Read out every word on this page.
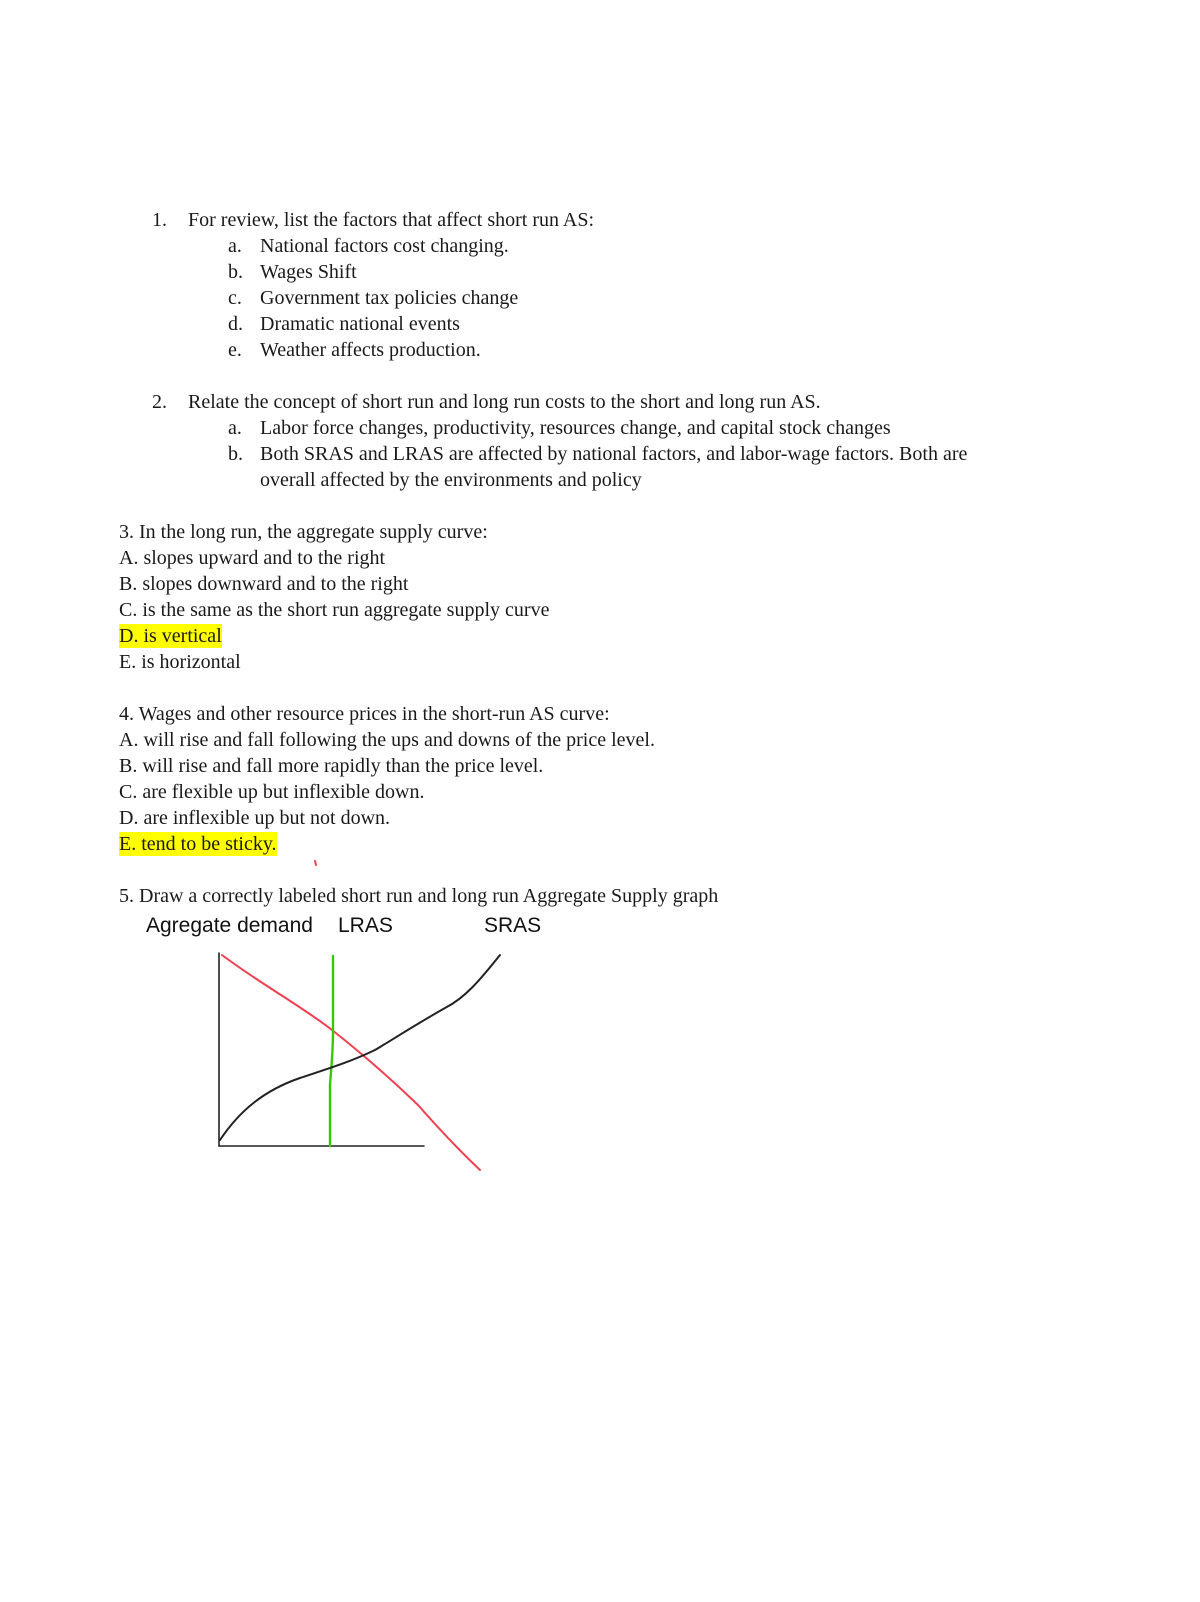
1. For review, list the factors that affect short run AS:
a. National factors cost changing.
b. Wages Shift
c. Government tax policies change
d. Dramatic national events
e. Weather affects production.
2. Relate the concept of short run and long run costs to the short and long run AS.
a. Labor force changes, productivity, resources change, and capital stock changes
b. Both SRAS and LRAS are affected by national factors, and labor-wage factors. Both are
overall affected by the environments and policy
3. In the long run, the aggregate supply curve:
A. slopes upward and to the right
B. slopes downward and to the right
C. is the same as the short run aggregate supply curve
D. is vertical
E. is horizontal
4. Wages and other resource prices in the short-run AS curve:
A. will rise and fall following the ups and downs of the price level.
B. will rise and fall more rapidly than the price level.
C. are flexible up but inflexible down.
D. are inflexible up but not down.
E. tend to be sticky.
5. Draw a correctly labeled short run and long run Aggregate Supply graph
Agregate demand LRAS	SRAS
